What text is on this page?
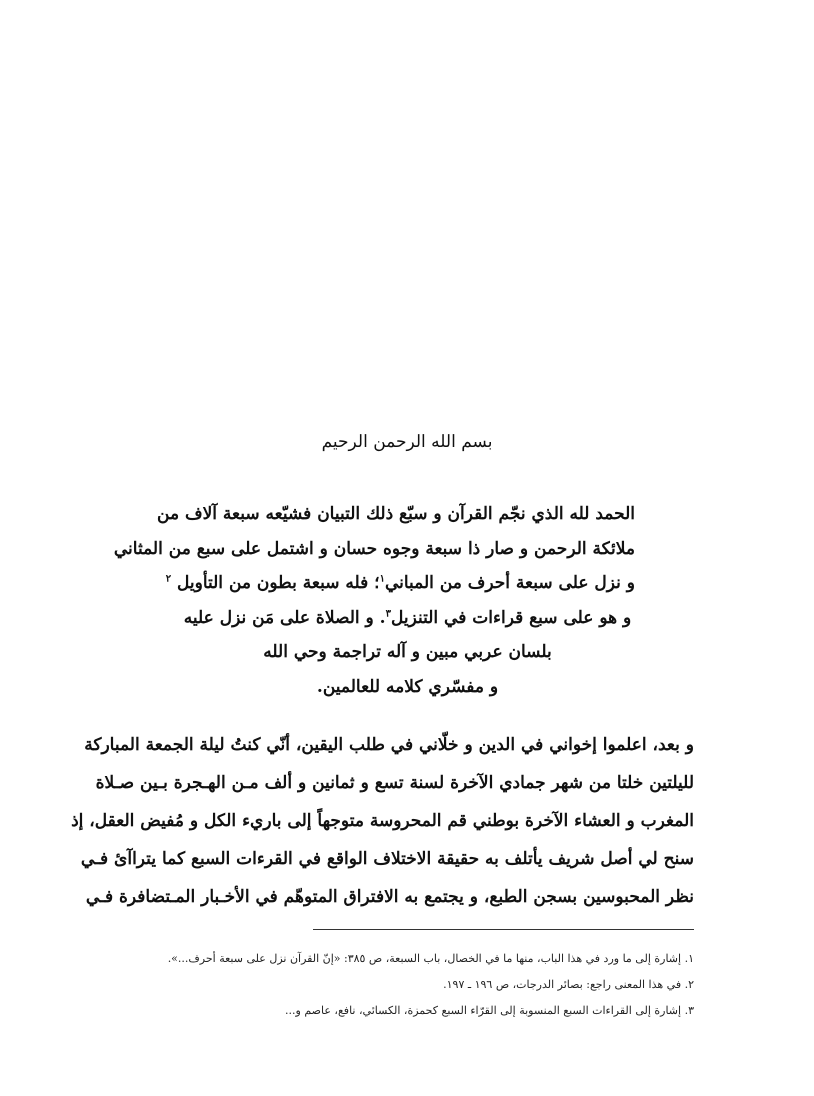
بسم الله الرحمن الرحيم
الحمد لله الذي نجّم القرآن و سبّع ذلك التبيان فشيّعه سبعة آلاف من
ملائكة الرحمن و صار ذا سبعة وجوه حسان و اشتمل على سبع من المثاني
و نزل على سبعة أحرف من المباني$^١$؛ فله سبعة بطون من التأويل $^٢$
و هو على سبع قراءات في التنزيل$^٣$. و الصلاة على مَن نزل عليه
بلسان عربي مبين و آله تراجمة وحي الله
و مفسّري كلامه للعالمين.
و بعد، اعلموا إخواني في الدين و خلّاني في طلب اليقين، أنّي كنتُ ليلة الجمعة المباركة
لليلتين خلتا من شهر جمادي الآخرة لسنة تسع و ثمانين و ألف مـن الهـجرة بـين صـلاة
المغرب و العشاء الآخرة بوطني قم المحروسة متوجهاً إلى باريء الكل و مُفيض العقل، إذ
سنح لي أصل شريف يأتلف به حقيقة الاختلاف الواقع في القرءات السبع كما يتراآئ فـي
نظر المحبوسين بسجن الطبع، و يجتمع به الافتراق المتوهّم في الأخـبار المـتضافرة فـي
١. إشارة إلى ما ورد في هذا الباب، منها ما في الخصال، باب السبعة، ص ٣٨٥: «إنّ القرآن نزل على سبعة أحرف...».
٢. في هذا المعنى راجع: بصائر الدرجات، ص ١٩٦ ـ ١٩٧.
٣. إشارة إلى القراءات السبع المنسوبة إلى القرّاء السبع كحمزة، الكسائي، نافع، عاصم و...
